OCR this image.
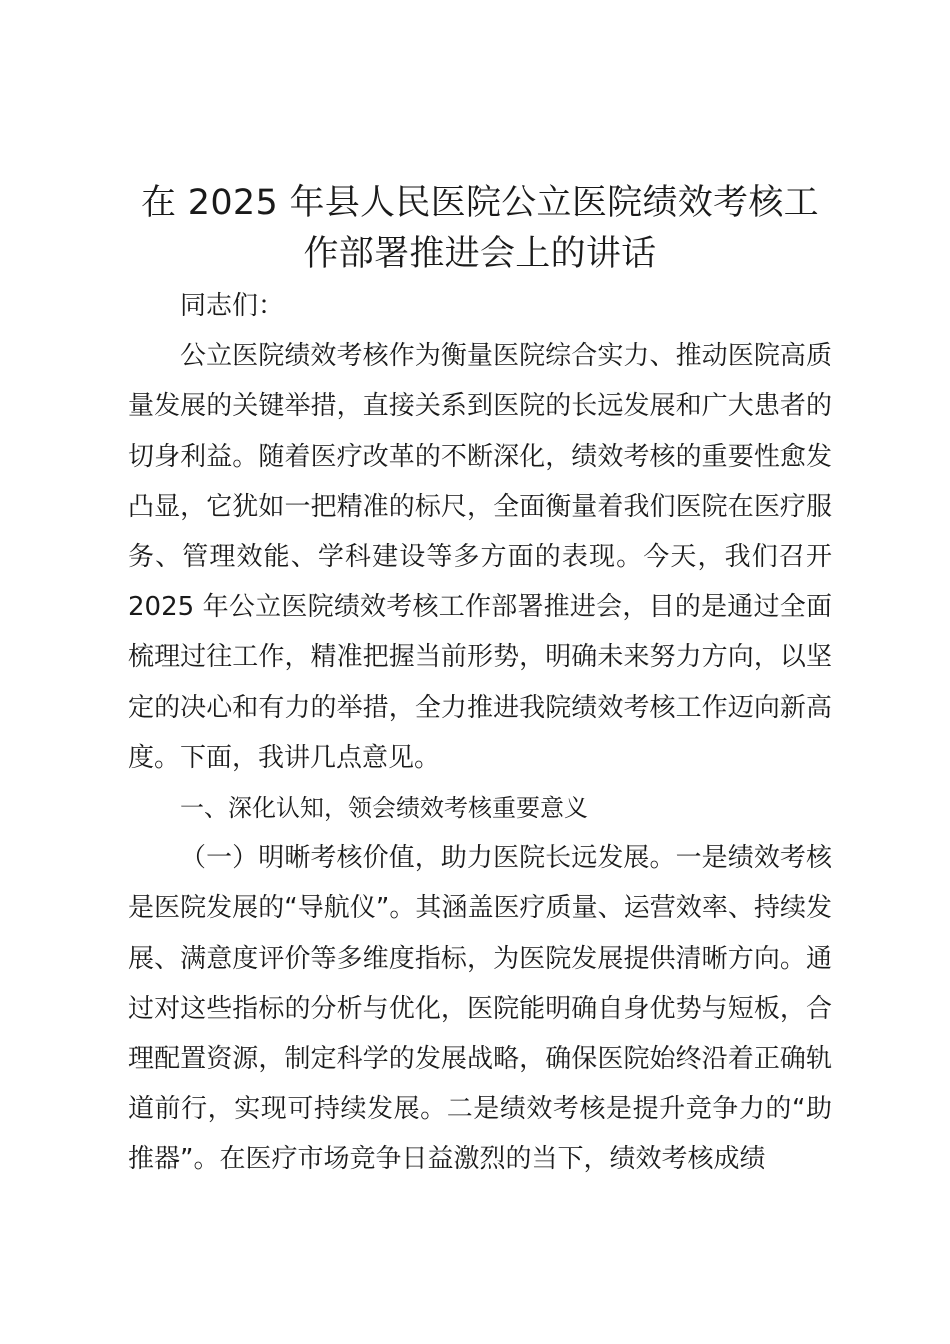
在 2025 年县人民医院公立医院绩效考核工作部署推进会上的讲话

同志们：

公立医院绩效考核作为衡量医院综合实力、推动医院高质量发展的关键举措，直接关系到医院的长远发展和广大患者的切身利益。随着医疗改革的不断深化，绩效考核的重要性愈发凸显，它犹如一把精准的标尺，全面衡量着我们医院在医疗服务、管理效能、学科建设等多方面的表现。今天，我们召开 2025 年公立医院绩效考核工作部署推进会，目的是通过全面梳理过往工作，精准把握当前形势，明确未来努力方向，以坚定的决心和有力的举措，全力推进我院绩效考核工作迈向新高度。下面，我讲几点意见。

一、深化认知，领会绩效考核重要意义

（一）明晰考核价值，助力医院长远发展。一是绩效考核是医院发展的“导航仪”。其涵盖医疗质量、运营效率、持续发展、满意度评价等多维度指标，为医院发展提供清晰方向。通过对这些指标的分析与优化，医院能明确自身优势与短板，合理配置资源，制定科学的发展战略，确保医院始终沿着正确轨道前行，实现可持续发展。二是绩效考核是提升竞争力的“助推器”。在医疗市场竞争日益激烈的当下，绩效考核成绩
